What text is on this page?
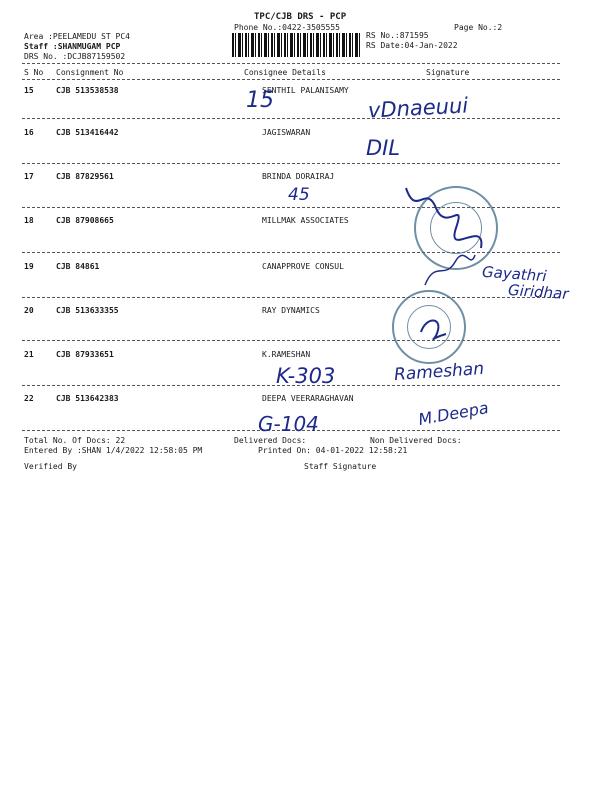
TPC/CJB DRS - PCP
Phone No.:0422-3505555	Page No.:2
Area :PEELAMEDU ST PC4
Staff :SHANMUGAM PCP
DRS No. :DCJB87159502
RS No.:871595
RS Date:04-Jan-2022
S No Consignment No	Consignee Details	Signature
15	CJB 513538538	SENTHIL PALANISAMY
16	CJB 513416442	JAGISWARAN
17	CJB 87829561	BRINDA DORAIRAJ
18	CJB 87908665	MILLMAK ASSOCIATES
19	CJB 84861	CANAPPROVE CONSUL
20	CJB 513633355	RAY DYNAMICS
21	CJB 87933651	K.RAMESHAN
22	CJB 513642383	DEEPA VEERARAGHAVAN
15	vDnaeuui
DIL
45
Gayathri
Giridhar
K-303	Rameshan
G-104	M.Deepa
Total No. Of Docs: 22	Delivered Docs:	Non Delivered Docs:
Entered By :SHAN 1/4/2022 12:58:05 PM	Printed On: 04-01-2022 12:58:21
Verified By	Staff Signature
